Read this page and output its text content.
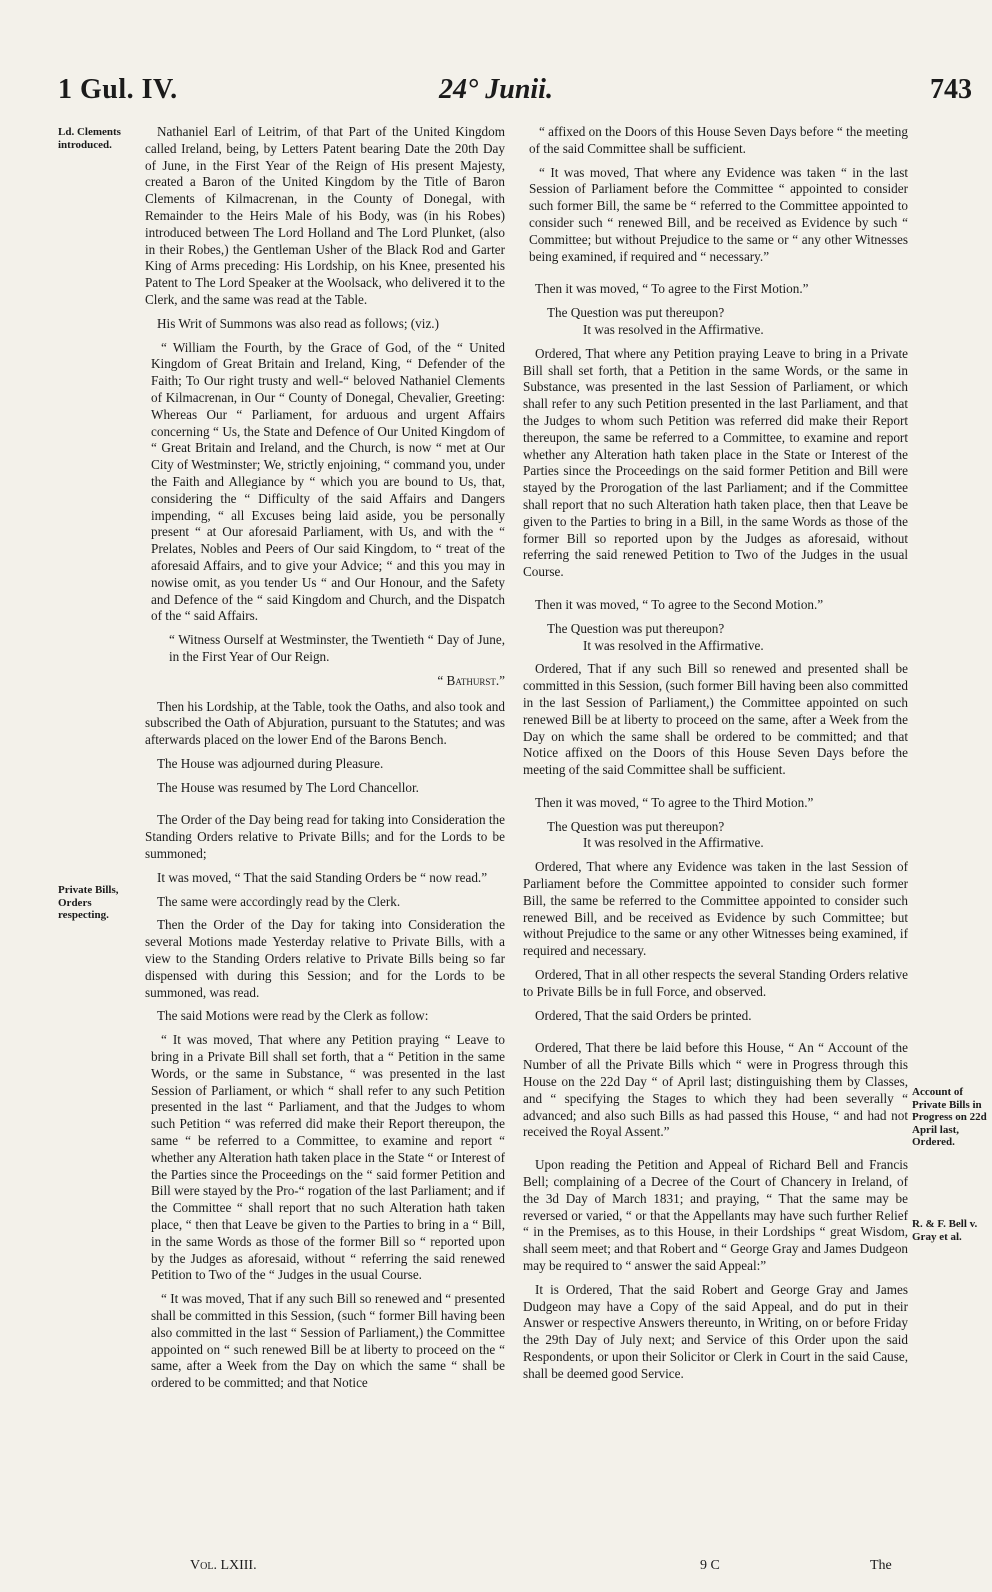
1 Gul. IV.	24° Junii.	743
Ld. Clements introduced.
Private Bills, Orders respecting.
Account of Private Bills in Progress on 22d April last, Ordered.
R. & F. Bell v. Gray et al.

Nathaniel Earl of Leitrim, of that Part of the United Kingdom called Ireland, being, by Letters Patent bearing Date the 20th Day of June, in the First Year of the Reign of His present Majesty, created a Baron of the United Kingdom by the Title of Baron Clements of Kilmacrenan, in the County of Donegal, with Remainder to the Heirs Male of his Body, was (in his Robes) introduced between The Lord Holland and The Lord Plunket, (also in their Robes,) the Gentleman Usher of the Black Rod and Garter King of Arms preceding: His Lordship, on his Knee, presented his Patent to The Lord Speaker at the Woolsack, who delivered it to the Clerk, and the same was read at the Table.

His Writ of Summons was also read as follows; (viz.)

“ William the Fourth, by the Grace of God, of the “ United Kingdom of Great Britain and Ireland, King, “ Defender of the Faith; To Our right trusty and well-“ beloved Nathaniel Clements of Kilmacrenan, in Our “ County of Donegal, Chevalier, Greeting: Whereas Our “ Parliament, for arduous and urgent Affairs concerning “ Us, the State and Defence of Our United Kingdom of “ Great Britain and Ireland, and the Church, is now “ met at Our City of Westminster; We, strictly enjoining, “ command you, under the Faith and Allegiance by “ which you are bound to Us, that, considering the “ Difficulty of the said Affairs and Dangers impending, “ all Excuses being laid aside, you be personally present “ at Our aforesaid Parliament, with Us, and with the “ Prelates, Nobles and Peers of Our said Kingdom, to “ treat of the aforesaid Affairs, and to give your Advice; “ and this you may in nowise omit, as you tender Us “ and Our Honour, and the Safety and Defence of the “ said Kingdom and Church, and the Dispatch of the “ said Affairs.

“ Witness Ourself at Westminster, the Twentieth “ Day of June, in the First Year of Our Reign.

“ Bathurst.”

Then his Lordship, at the Table, took the Oaths, and also took and subscribed the Oath of Abjuration, pursuant to the Statutes; and was afterwards placed on the lower End of the Barons Bench.

The House was adjourned during Pleasure.

The House was resumed by The Lord Chancellor.

The Order of the Day being read for taking into Consideration the Standing Orders relative to Private Bills; and for the Lords to be summoned;

It was moved, “ That the said Standing Orders be “ now read.”

The same were accordingly read by the Clerk.

Then the Order of the Day for taking into Consideration the several Motions made Yesterday relative to Private Bills, with a view to the Standing Orders relative to Private Bills being so far dispensed with during this Session; and for the Lords to be summoned, was read.

The said Motions were read by the Clerk as follow:

“ It was moved, That where any Petition praying “ Leave to bring in a Private Bill shall set forth, that a “ Petition in the same Words, or the same in Substance, “ was presented in the last Session of Parliament, or which “ shall refer to any such Petition presented in the last “ Parliament, and that the Judges to whom such Petition “ was referred did make their Report thereupon, the same “ be referred to a Committee, to examine and report “ whether any Alteration hath taken place in the State “ or Interest of the Parties since the Proceedings on the “ said former Petition and Bill were stayed by the Pro-“ rogation of the last Parliament; and if the Committee “ shall report that no such Alteration hath taken place, “ then that Leave be given to the Parties to bring in a “ Bill, in the same Words as those of the former Bill so “ reported upon by the Judges as aforesaid, without “ referring the said renewed Petition to Two of the “ Judges in the usual Course.

“ It was moved, That if any such Bill so renewed and “ presented shall be committed in this Session, (such “ former Bill having been also committed in the last “ Session of Parliament,) the Committee appointed on “ such renewed Bill be at liberty to proceed on the “ same, after a Week from the Day on which the same “ shall be ordered to be committed; and that Notice

“ affixed on the Doors of this House Seven Days before “ the meeting of the said Committee shall be sufficient.

“ It was moved, That where any Evidence was taken “ in the last Session of Parliament before the Committee “ appointed to consider such former Bill, the same be “ referred to the Committee appointed to consider such “ renewed Bill, and be received as Evidence by such “ Committee; but without Prejudice to the same or “ any other Witnesses being examined, if required and “ necessary.”

Then it was moved, “ To agree to the First Motion.”

The Question was put thereupon?

It was resolved in the Affirmative.

Ordered, That where any Petition praying Leave to bring in a Private Bill shall set forth, that a Petition in the same Words, or the same in Substance, was presented in the last Session of Parliament, or which shall refer to any such Petition presented in the last Parliament, and that the Judges to whom such Petition was referred did make their Report thereupon, the same be referred to a Committee, to examine and report whether any Alteration hath taken place in the State or Interest of the Parties since the Proceedings on the said former Petition and Bill were stayed by the Prorogation of the last Parliament; and if the Committee shall report that no such Alteration hath taken place, then that Leave be given to the Parties to bring in a Bill, in the same Words as those of the former Bill so reported upon by the Judges as aforesaid, without referring the said renewed Petition to Two of the Judges in the usual Course.

Then it was moved, “ To agree to the Second Motion.”

The Question was put thereupon?

It was resolved in the Affirmative.

Ordered, That if any such Bill so renewed and presented shall be committed in this Session, (such former Bill having been also committed in the last Session of Parliament,) the Committee appointed on such renewed Bill be at liberty to proceed on the same, after a Week from the Day on which the same shall be ordered to be committed; and that Notice affixed on the Doors of this House Seven Days before the meeting of the said Committee shall be sufficient.

Then it was moved, “ To agree to the Third Motion.”

The Question was put thereupon?

It was resolved in the Affirmative.

Ordered, That where any Evidence was taken in the last Session of Parliament before the Committee appointed to consider such former Bill, the same be referred to the Committee appointed to consider such renewed Bill, and be received as Evidence by such Committee; but without Prejudice to the same or any other Witnesses being examined, if required and necessary.

Ordered, That in all other respects the several Standing Orders relative to Private Bills be in full Force, and observed.

Ordered, That the said Orders be printed.

Ordered, That there be laid before this House, “ An “ Account of the Number of all the Private Bills which “ were in Progress through this House on the 22d Day “ of April last; distinguishing them by Classes, and “ specifying the Stages to which they had been severally “ advanced; and also such Bills as had passed this House, “ and had not received the Royal Assent.”

Upon reading the Petition and Appeal of Richard Bell and Francis Bell; complaining of a Decree of the Court of Chancery in Ireland, of the 3d Day of March 1831; and praying, “ That the same may be reversed or varied, “ or that the Appellants may have such further Relief “ in the Premises, as to this House, in their Lordships “ great Wisdom, shall seem meet; and that Robert and “ George Gray and James Dudgeon may be required to “ answer the said Appeal:”

It is Ordered, That the said Robert and George Gray and James Dudgeon may have a Copy of the said Appeal, and do put in their Answer or respective Answers thereunto, in Writing, on or before Friday the 29th Day of July next; and Service of this Order upon the said Respondents, or upon their Solicitor or Clerk in Court in the said Cause, shall be deemed good Service.

Vol. LXIII.	9 C	The
